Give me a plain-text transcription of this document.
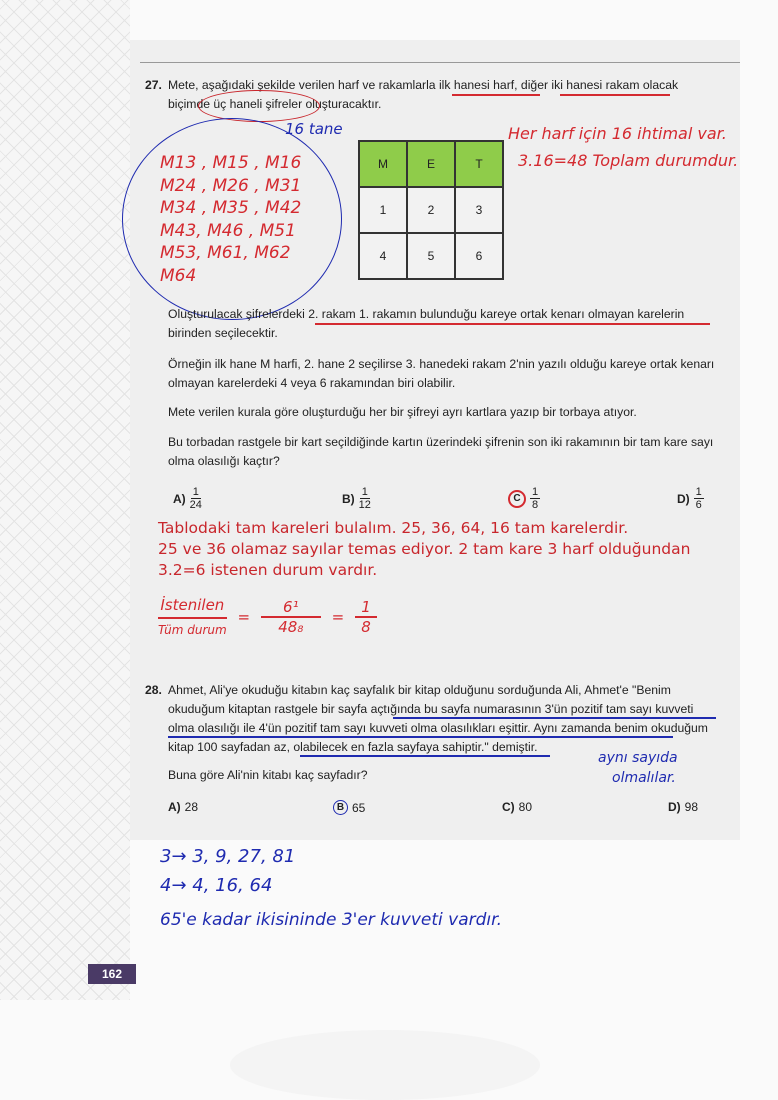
27. Mete, aşağıdaki şekilde verilen harf ve rakamlarla ilk hanesi harf, diğer iki hanesi rakam olacak biçimde üç haneli şifreler oluşturacaktır.
M	E	T
1	2	3
4	5	6
16 tane
M13 , M15 , M16
M24 , M26 , M31
M34 , M35 , M42
M43, M46 , M51
M53, M61, M62
M64
Her harf için 16 ihtimal var.
3.16=48 Toplam durumdur.
Oluşturulacak şifrelerdeki 2. rakam 1. rakamın bulunduğu kareye ortak kenarı olmayan karelerin birinden seçilecektir.
Örneğin ilk hane M harfi, 2. hane 2 seçilirse 3. hanedeki rakam 2'nin yazılı olduğu kareye ortak kenarı olmayan karelerdeki 4 veya 6 rakamından biri olabilir.
Mete verilen kurala göre oluşturduğu her bir şifreyi ayrı kartlara yazıp bir torbaya atıyor.
Bu torbadan rastgele bir kart seçildiğinde kartın üzerindeki şifrenin son iki rakamının bir tam kare sayı olma olasılığı kaçtır?
$A) \frac{1}{24}$	$B) \frac{1}{12}$	C $\frac{1}{8}$	$D) \frac{1}{6}$
Tablodaki tam kareleri bulalım. 25, 36, 64, 16 tam karelerdir.
25 ve 36 olamaz sayılar temas ediyor. 2 tam kare 3 harf olduğundan
3.2=6 istenen durum vardır.
İstenilen
Tüm durum
= $\frac{\text{6¹}}{\text{48₈}} = \frac{1}{8}$
28. Ahmet, Ali'ye okuduğu kitabın kaç sayfalık bir kitap olduğunu sorduğunda Ali, Ahmet'e "Benim okuduğum kitaptan rastgele bir sayfa açtığında bu sayfa numarasının 3'ün pozitif tam sayı kuvveti olma olasılığı ile 4'ün pozitif tam sayı kuvveti olma olasılıkları eşittir. Aynı zamanda benim okuduğum kitap 100 sayfadan az, olabilecek en fazla sayfaya sahiptir." demiştir.
aynı sayıda
olmalılar.
Buna göre Ali'nin kitabı kaç sayfadır?
A) 28	B 65	C) 80	D) 98
3→ 3, 9, 27, 81
4→ 4, 16, 64
65'e kadar ikisininde 3'er kuvveti vardır.
162
